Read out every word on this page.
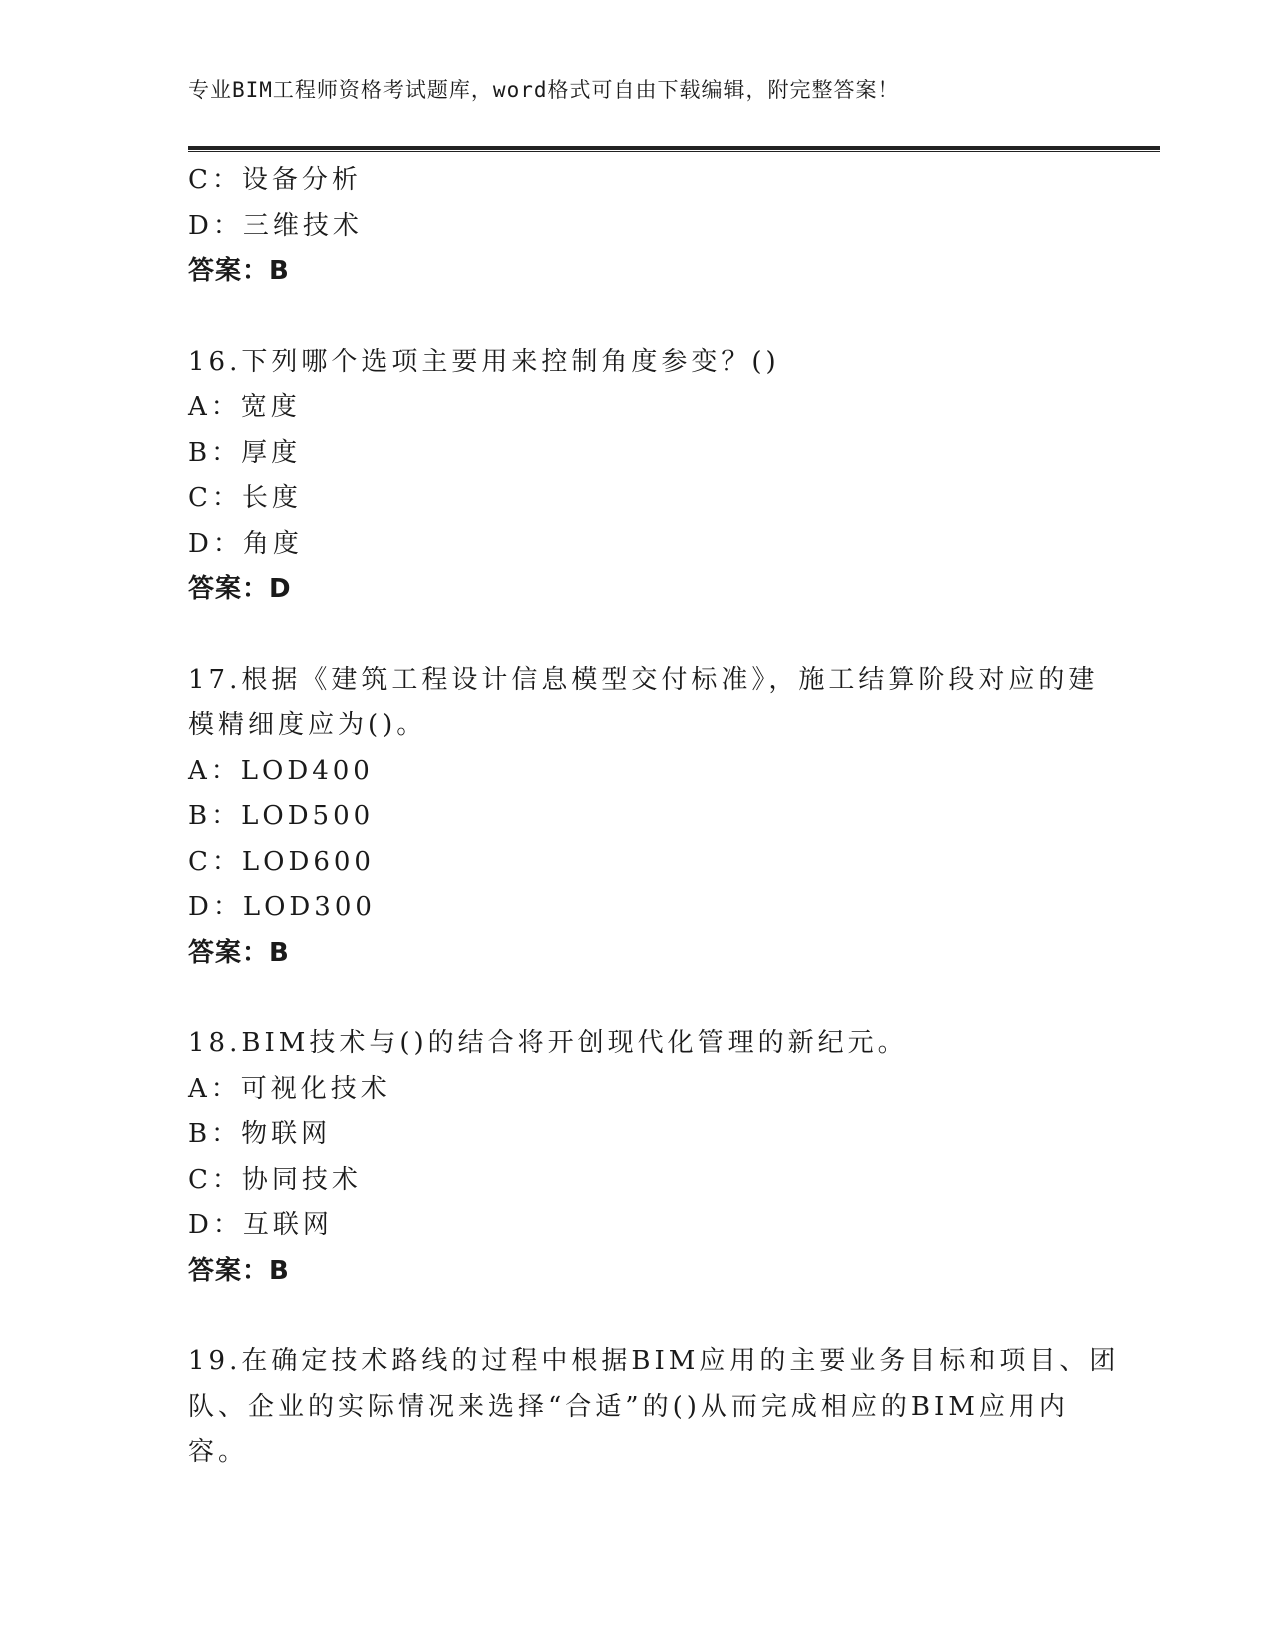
专业BIM工程师资格考试题库，word格式可自由下载编辑，附完整答案！
C：设备分析
D：三维技术
答案：B
16.下列哪个选项主要用来控制角度参变？()
A：宽度
B：厚度
C：长度
D：角度
答案：D
17.根据《建筑工程设计信息模型交付标准》，施工结算阶段对应的建
模精细度应为()。
A：LOD400
B：LOD500
C：LOD600
D：LOD300
答案：B
18.BIM技术与()的结合将开创现代化管理的新纪元。
A：可视化技术
B：物联网
C：协同技术
D：互联网
答案：B
19.在确定技术路线的过程中根据BIM应用的主要业务目标和项目、团
队、企业的实际情况来选择“合适”的()从而完成相应的BIM应用内
容。
